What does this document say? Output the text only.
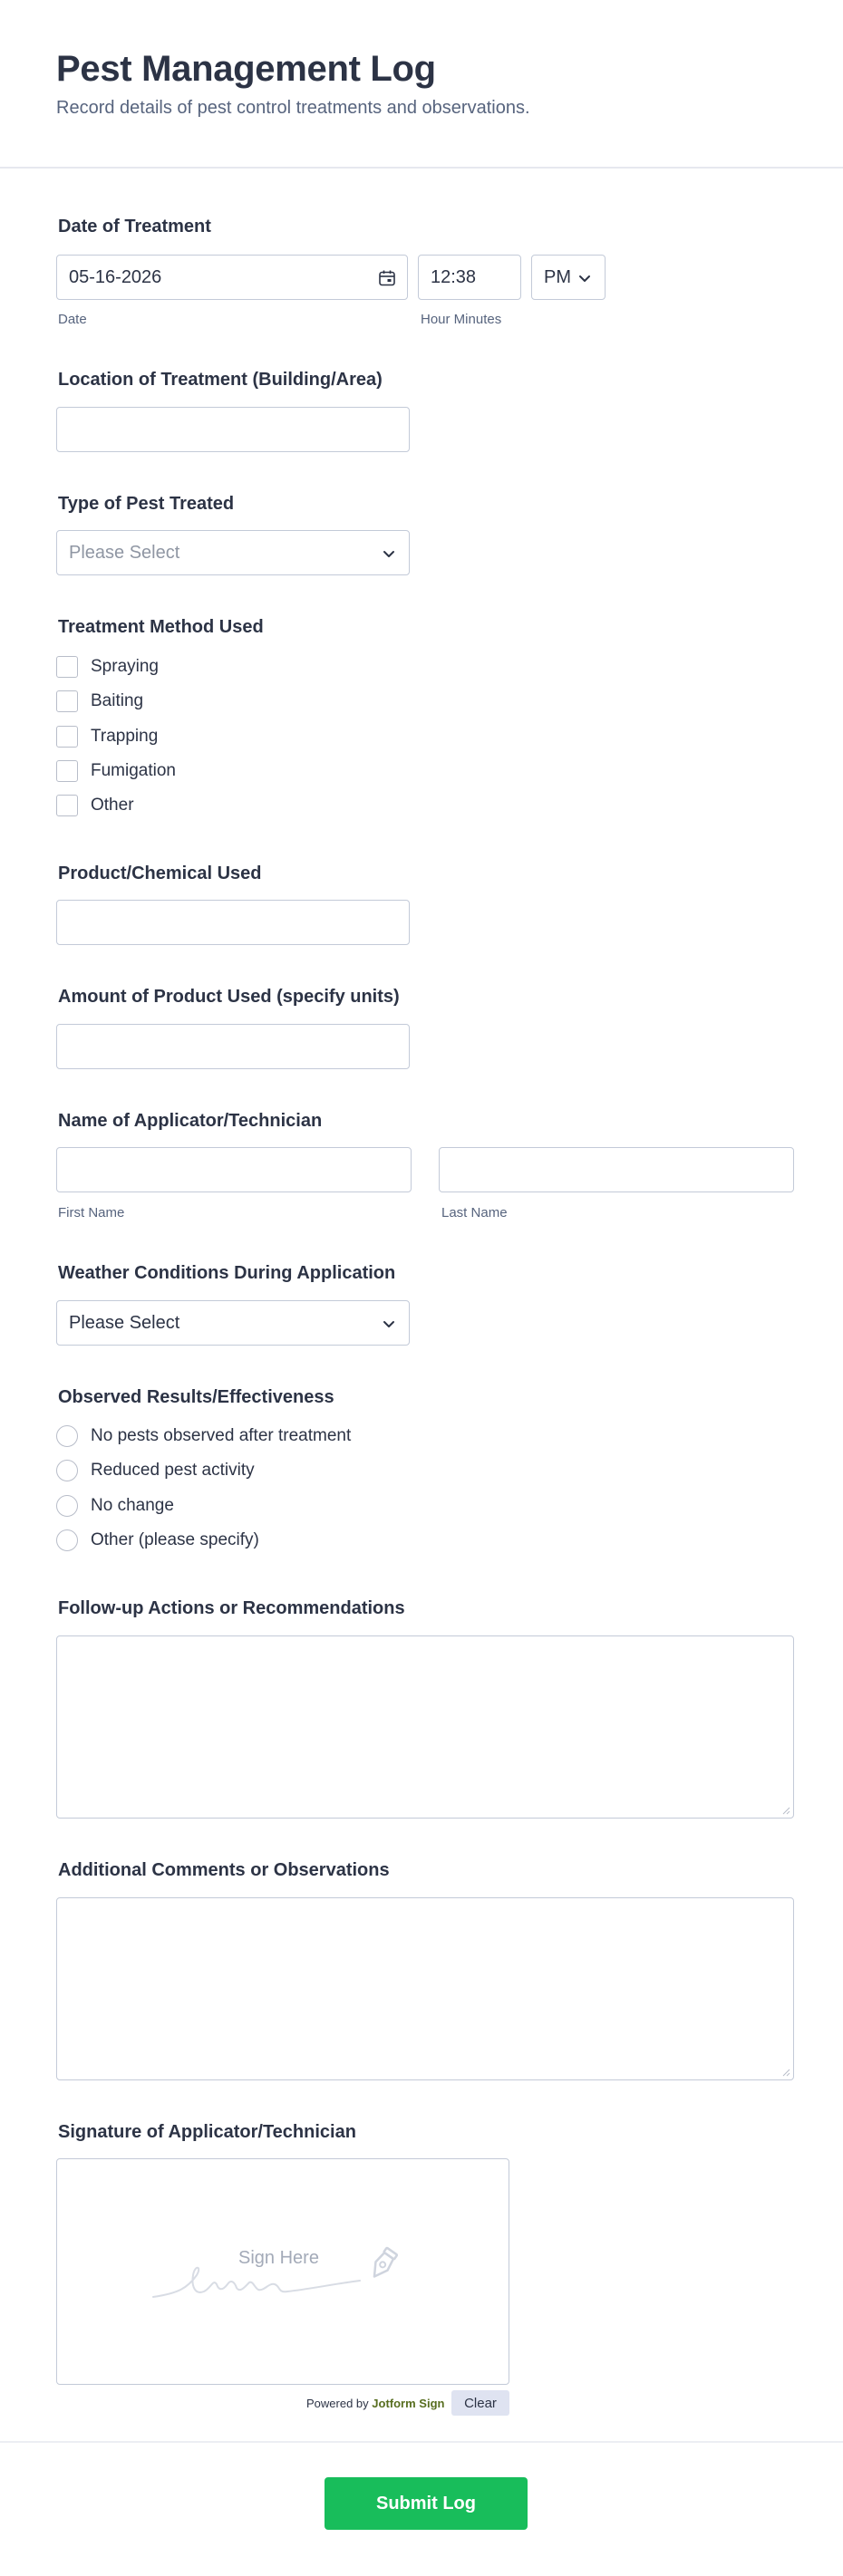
Pest Management Log
Record details of pest control treatments and observations.
Date of Treatment
05-16-2026	12:38	PM
Date	Hour Minutes
Location of Treatment (Building/Area)
Type of Pest Treated
Please Select
Treatment Method Used
Spraying
Baiting
Trapping
Fumigation
Other
Product/Chemical Used
Amount of Product Used (specify units)
Name of Applicator/Technician
First Name	Last Name
Weather Conditions During Application
Please Select
Observed Results/Effectiveness
No pests observed after treatment
Reduced pest activity
No change
Other (please specify)
Follow-up Actions or Recommendations
Additional Comments or Observations
Signature of Applicator/Technician
Sign Here
Powered by
Jotform Sign	Clear
Submit Log
